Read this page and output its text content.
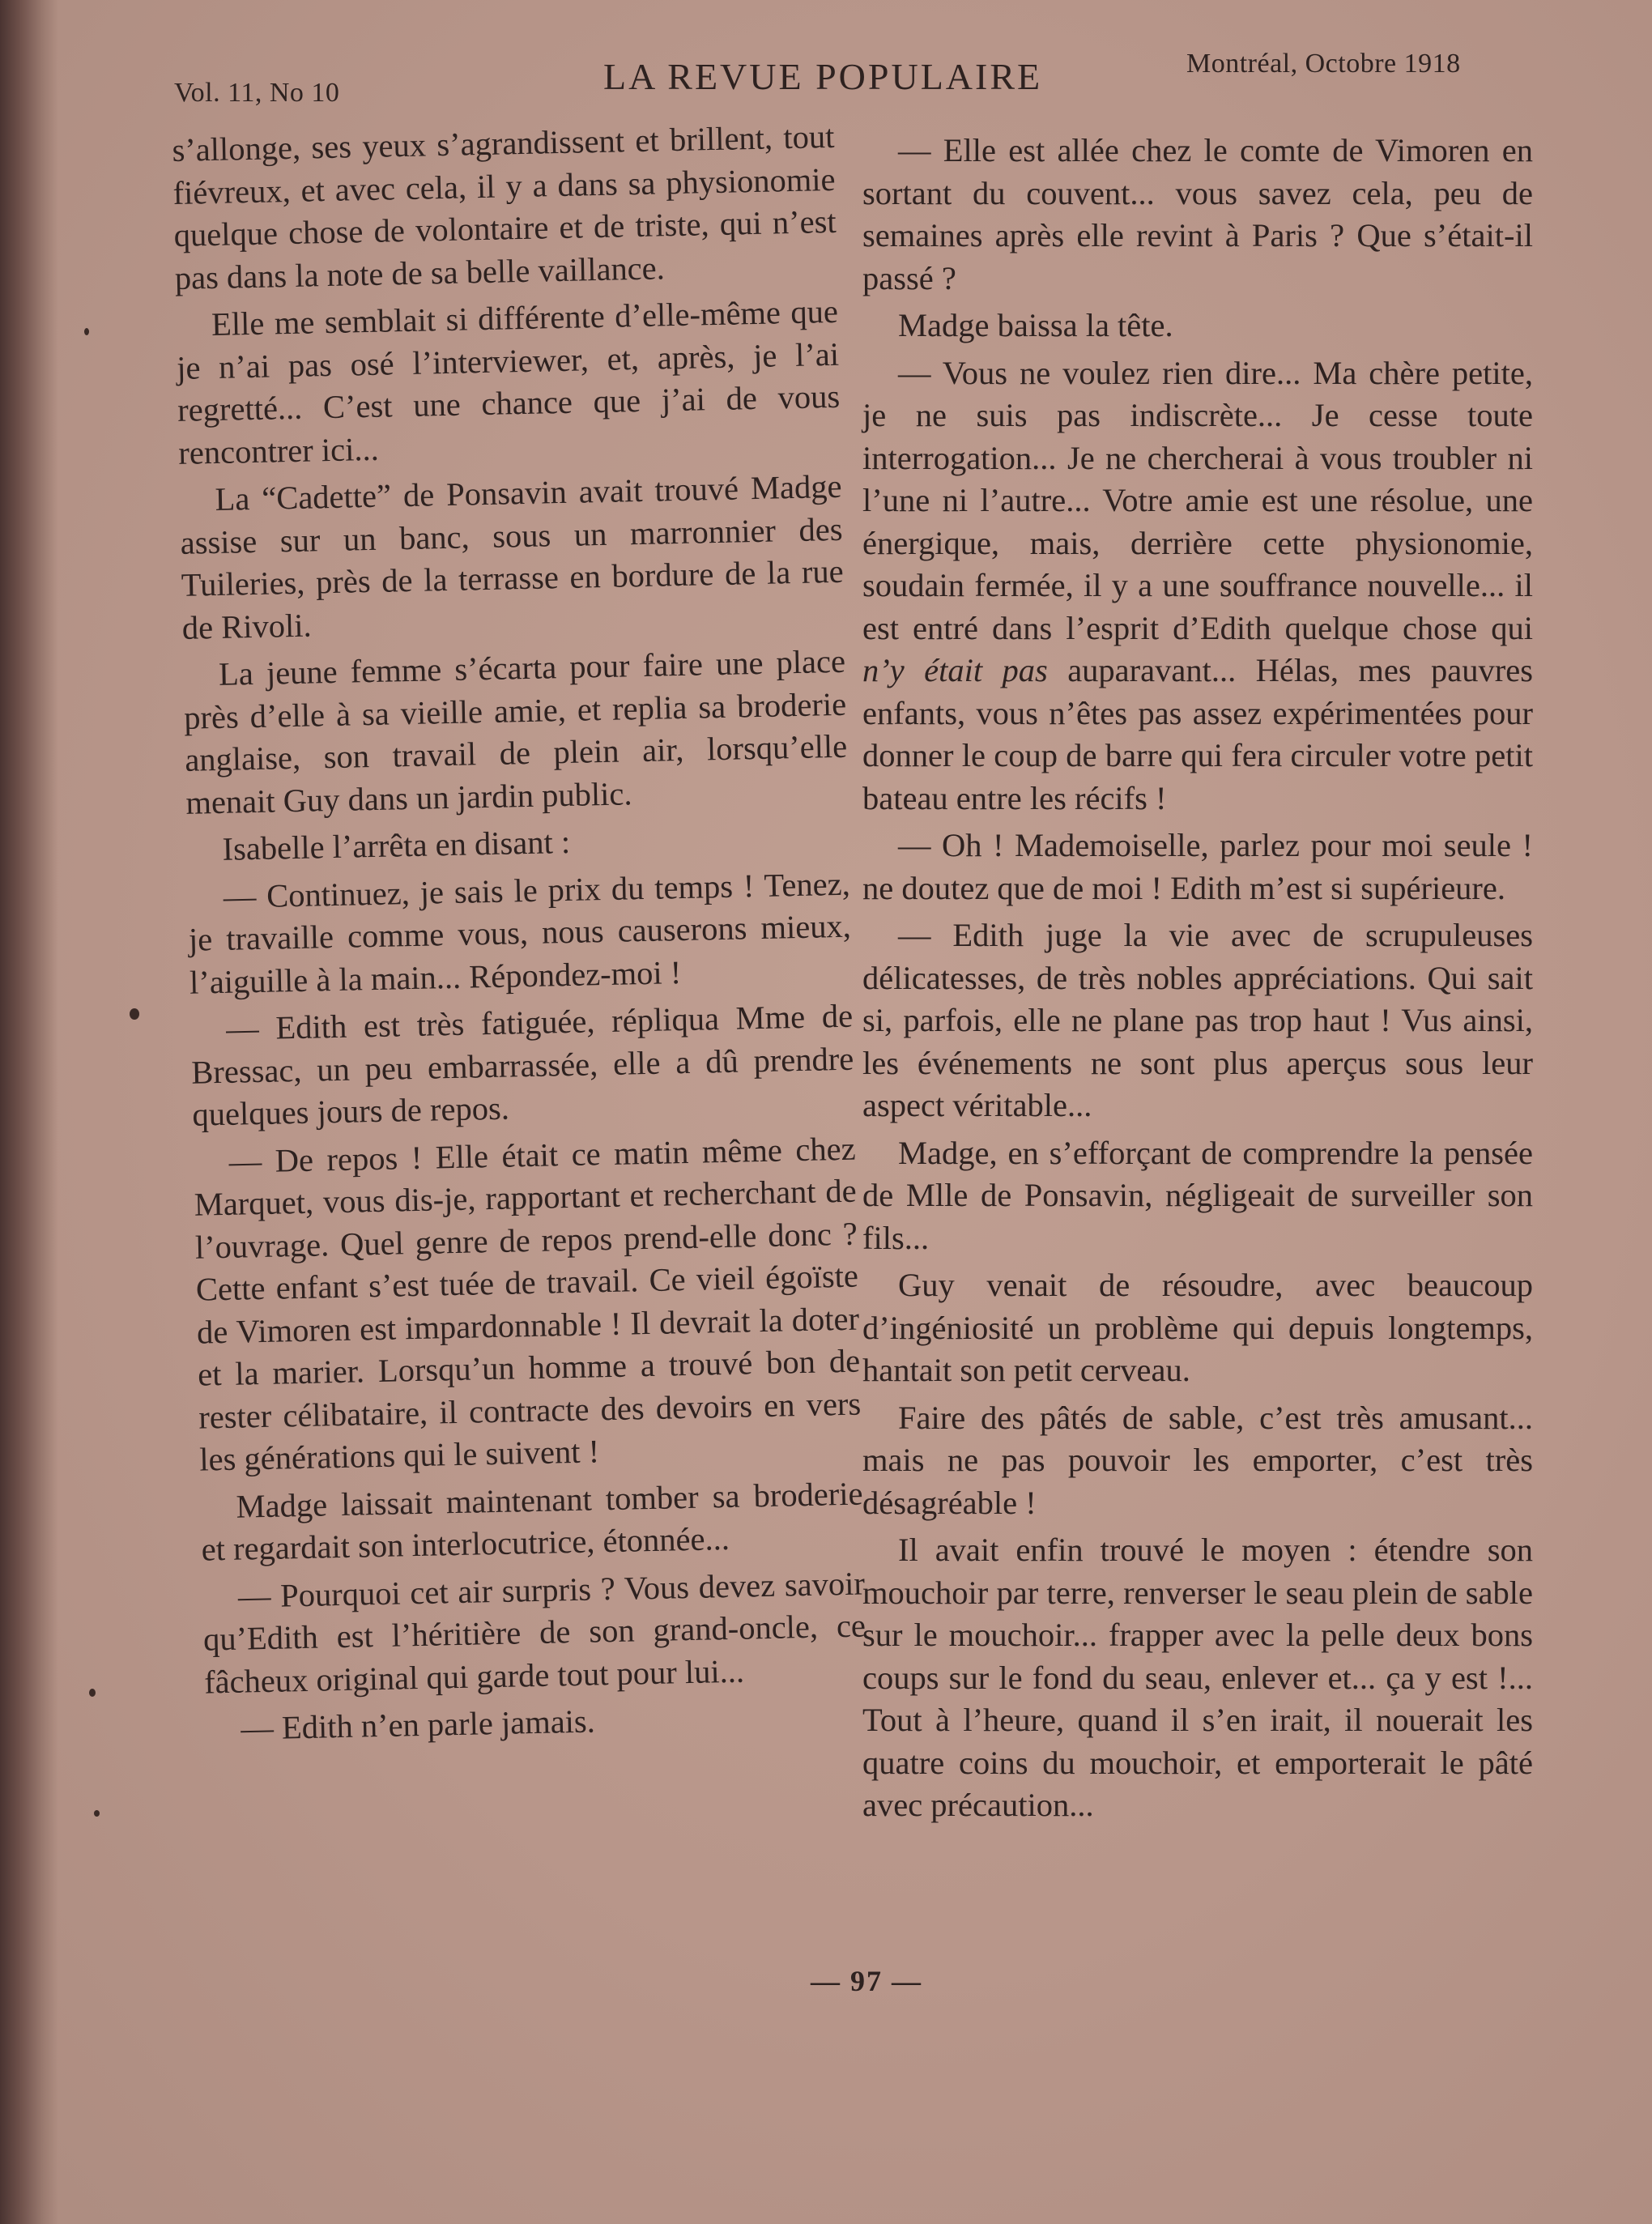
Vol. 11, No 10	LA REVUE POPULAIRE	Montréal, Octobre 1918

s’allonge, ses yeux s’agrandissent et brillent, tout fiévreux, et avec cela, il y a dans sa physionomie quelque chose de volontaire et de triste, qui n’est pas dans la note de sa belle vaillance.

Elle me semblait si différente d’elle-même que je n’ai pas osé l’interviewer, et, après, je l’ai regretté... C’est une chance que j’ai de vous rencontrer ici...

La “Cadette” de Ponsavin avait trouvé Madge assise sur un banc, sous un marronnier des Tuileries, près de la terrasse en bordure de la rue de Rivoli.

La jeune femme s’écarta pour faire une place près d’elle à sa vieille amie, et replia sa broderie anglaise, son travail de plein air, lorsqu’elle menait Guy dans un jardin public.

Isabelle l’arrêta en disant :

— Continuez, je sais le prix du temps ! Tenez, je travaille comme vous, nous causerons mieux, l’aiguille à la main... Répondez-moi !

— Edith est très fatiguée, répliqua Mme de Bressac, un peu embarrassée, elle a dû prendre quelques jours de repos.

— De repos ! Elle était ce matin même chez Marquet, vous dis-je, rapportant et recherchant de l’ouvrage. Quel genre de repos prend-elle donc ? Cette enfant s’est tuée de travail. Ce vieil égoïste de Vimoren est impardonnable ! Il devrait la doter et la marier. Lorsqu’un homme a trouvé bon de rester célibataire, il contracte des devoirs en vers les générations qui le suivent !

Madge laissait maintenant tomber sa broderie et regardait son interlocutrice, étonnée...

— Pourquoi cet air surpris ? Vous devez savoir qu’Edith est l’héritière de son grand-oncle, ce fâcheux original qui garde tout pour lui...

— Edith n’en parle jamais.

— Elle est allée chez le comte de Vimoren en sortant du couvent... vous savez cela, peu de semaines après elle revint à Paris ? Que s’était-il passé ?

Madge baissa la tête.

— Vous ne voulez rien dire... Ma chère petite, je ne suis pas indiscrète... Je cesse toute interrogation... Je ne chercherai à vous troubler ni l’une ni l’autre... Votre amie est une résolue, une énergique, mais, derrière cette physionomie, soudain fermée, il y a une souffrance nouvelle... il est entré dans l’esprit d’Edith quelque chose qui n’y était pas auparavant... Hélas, mes pauvres enfants, vous n’êtes pas assez expérimentées pour donner le coup de barre qui fera circuler votre petit bateau entre les récifs !

— Oh ! Mademoiselle, parlez pour moi seule ! ne doutez que de moi ! Edith m’est si supérieure.

— Edith juge la vie avec de scrupuleuses délicatesses, de très nobles appréciations. Qui sait si, parfois, elle ne plane pas trop haut ! Vus ainsi, les événements ne sont plus aperçus sous leur aspect véritable...

Madge, en s’efforçant de comprendre la pensée de Mlle de Ponsavin, négligeait de surveiller son fils...

Guy venait de résoudre, avec beaucoup d’ingéniosité un problème qui depuis longtemps, hantait son petit cerveau.

Faire des pâtés de sable, c’est très amusant... mais ne pas pouvoir les emporter, c’est très désagréable !

Il avait enfin trouvé le moyen : étendre son mouchoir par terre, renverser le seau plein de sable sur le mouchoir... frapper avec la pelle deux bons coups sur le fond du seau, enlever et... ça y est !... Tout à l’heure, quand il s’en irait, il nouerait les quatre coins du mouchoir, et emporterait le pâté avec précaution...

— 97 —
